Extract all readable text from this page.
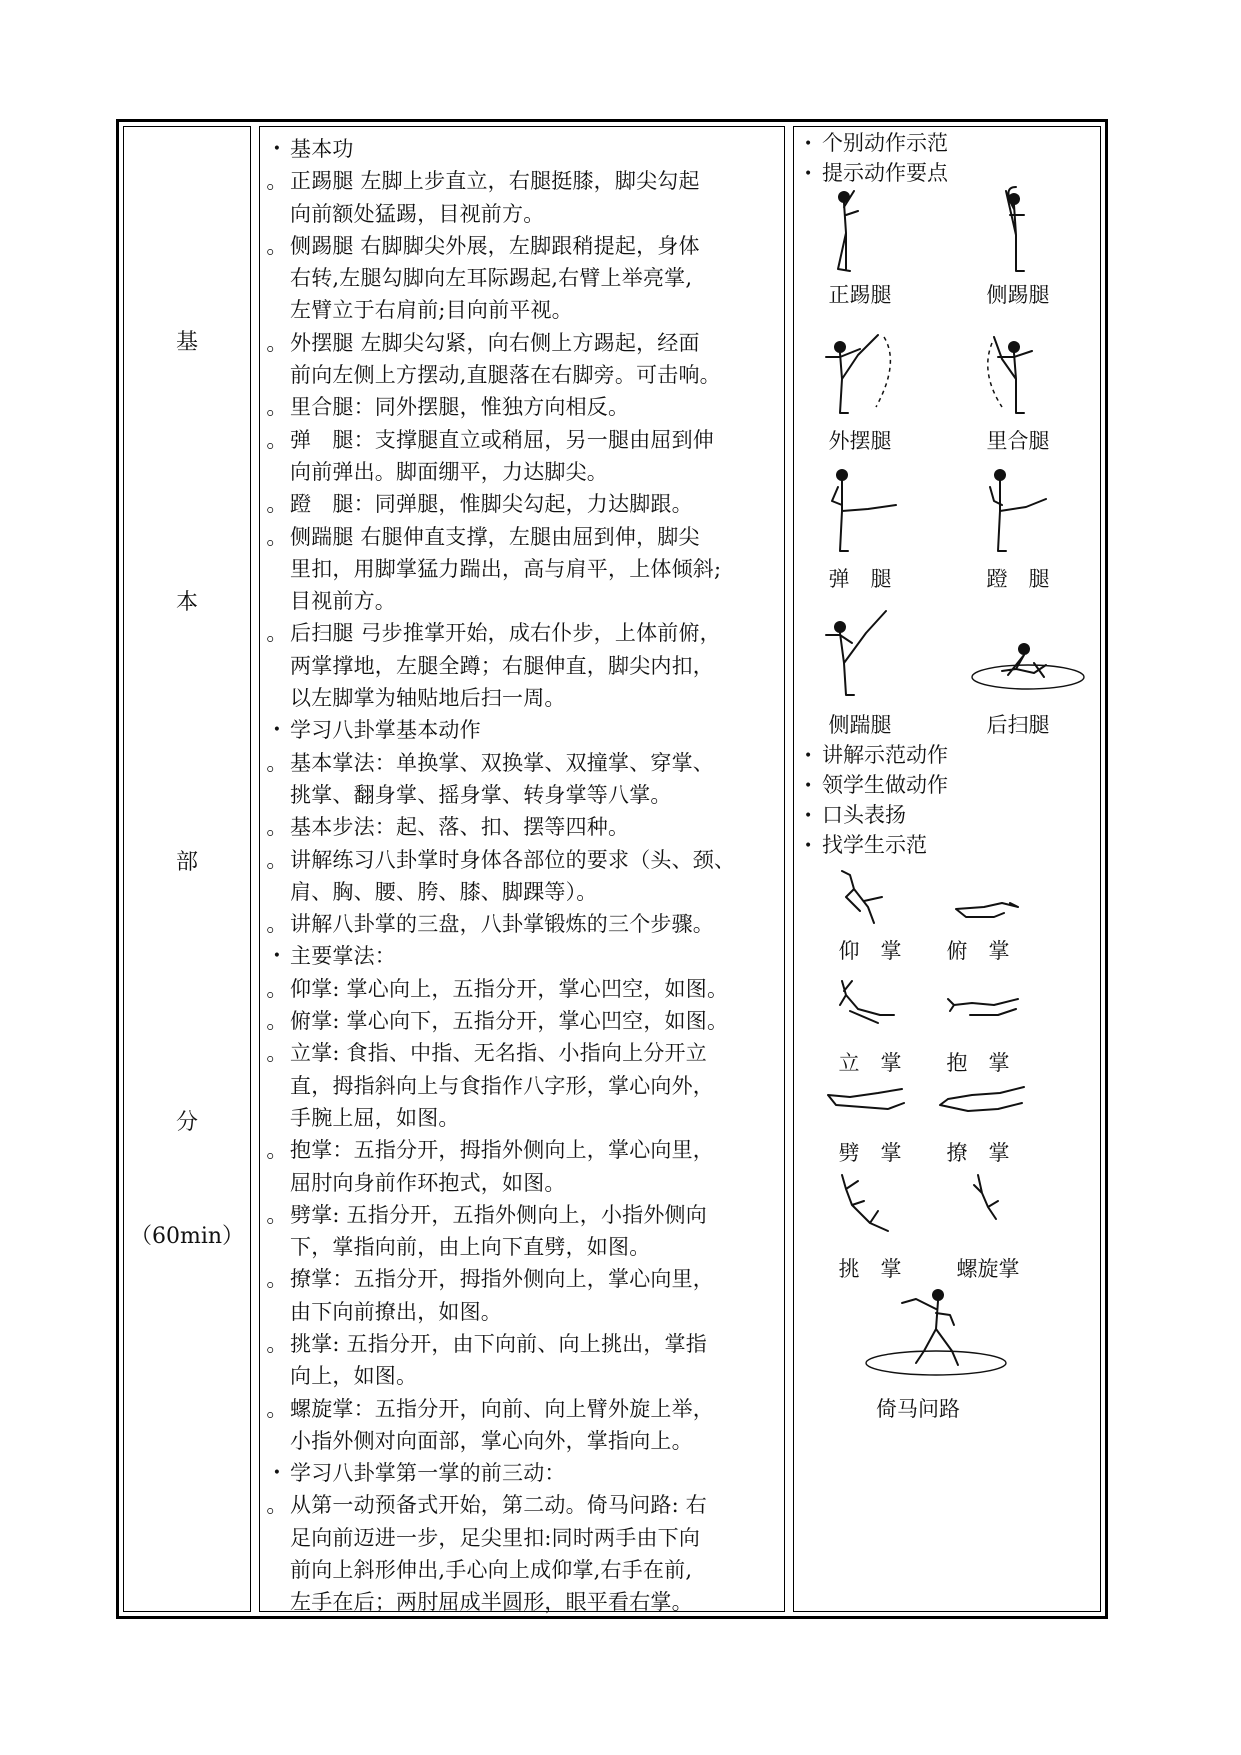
基
本
部
分
（60min）
• 基本功
。 正踢腿 左脚上步直立，右腿挺膝，脚尖勾起
向前额处猛踢，目视前方。
。 侧踢腿 右脚脚尖外展，左脚跟稍提起，身体
右转,左腿勾脚向左耳际踢起,右臂上举亮掌,
左臂立于右肩前;目向前平视。
。 外摆腿 左脚尖勾紧，向右侧上方踢起，经面
前向左侧上方摆动,直腿落在右脚旁。可击响。
。 里合腿：同外摆腿，惟独方向相反。
。 弹　腿：支撑腿直立或稍屈，另一腿由屈到伸
向前弹出。脚面绷平，力达脚尖。
。 蹬　腿：同弹腿，惟脚尖勾起，力达脚跟。
。 侧踹腿 右腿伸直支撑，左腿由屈到伸，脚尖
里扣，用脚掌猛力踹出，高与肩平，上体倾斜;
目视前方。
。 后扫腿 弓步推掌开始，成右仆步，上体前俯，
两掌撑地，左腿全蹲；右腿伸直，脚尖内扣，
以左脚掌为轴贴地后扫一周。
• 学习八卦掌基本动作
。 基本掌法：单换掌、双换掌、双撞掌、穿掌、
挑掌、翻身掌、摇身掌、转身掌等八掌。
。 基本步法：起、落、扣、摆等四种。
。 讲解练习八卦掌时身体各部位的要求（头、颈、
肩、胸、腰、胯、膝、脚踝等）。
。 讲解八卦掌的三盘，八卦掌锻炼的三个步骤。
• 主要掌法：
。 仰掌: 掌心向上，五指分开，掌心凹空，如图。
。 俯掌: 掌心向下，五指分开，掌心凹空，如图。
。 立掌: 食指、中指、无名指、小指向上分开立
直，拇指斜向上与食指作八字形，掌心向外，
手腕上屈，如图。
。 抱掌：五指分开，拇指外侧向上，掌心向里，
屈肘向身前作环抱式，如图。
。 劈掌: 五指分开，五指外侧向上，小指外侧向
下，掌指向前，由上向下直劈，如图。
。 撩掌：五指分开，拇指外侧向上，掌心向里，
由下向前撩出，如图。
。 挑掌: 五指分开，由下向前、向上挑出，掌指
向上，如图。
。 螺旋掌：五指分开，向前、向上臂外旋上举，
小指外侧对向面部，掌心向外，掌指向上。
• 学习八卦掌第一掌的前三动：
。 从第一动预备式开始，第二动。倚马问路: 右
足向前迈进一步，足尖里扣:同时两手由下向
前向上斜形伸出,手心向上成仰掌,右手在前,
左手在后；两肘屈成半圆形，眼平看右掌。
• 个别动作示范
• 提示动作要点
正踢腿	侧踢腿
外摆腿	里合腿
弹　腿	蹬　腿
侧踹腿	后扫腿
• 讲解示范动作
• 领学生做动作
• 口头表扬
• 找学生示范
仰　掌	俯　掌
立　掌	抱　掌
劈　掌	撩　掌
挑　掌	螺旋掌
倚马问路
